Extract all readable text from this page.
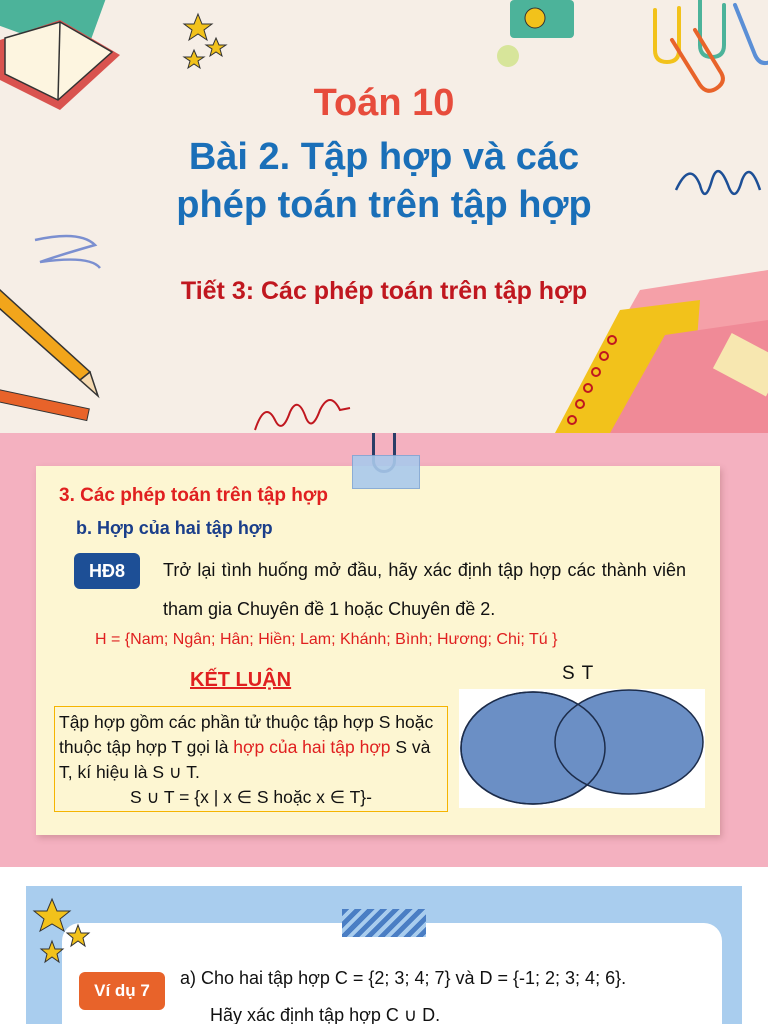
Toán 10
Bài 2. Tập hợp và các
phép toán trên tập hợp
Tiết 3: Các phép toán trên tập hợp
3. Các phép toán trên tập hợp
b. Hợp của hai tập hợp
HĐ8	Trở lại tình huống mở đầu, hãy xác định tập hợp các thành viên tham gia Chuyên đề 1 hoặc Chuyên đề 2.
H = {Nam; Ngân; Hân; Hiền; Lam; Khánh; Bình; Hương; Chi; Tú }
KẾT LUẬN
Tập hợp gồm các phần tử thuộc tập hợp S hoặc thuộc tập hợp T gọi là hợp của hai tập hợp S và T, kí hiệu là S ∪ T.
S ∪ T = {x | x ∈ S hoặc x ∈ T}-
S T
Ví dụ 7
a) Cho hai tập hợp C = {2; 3; 4; 7} và D = {-1; 2; 3; 4; 6}.
Hãy xác định tập hợp C ∪ D.
